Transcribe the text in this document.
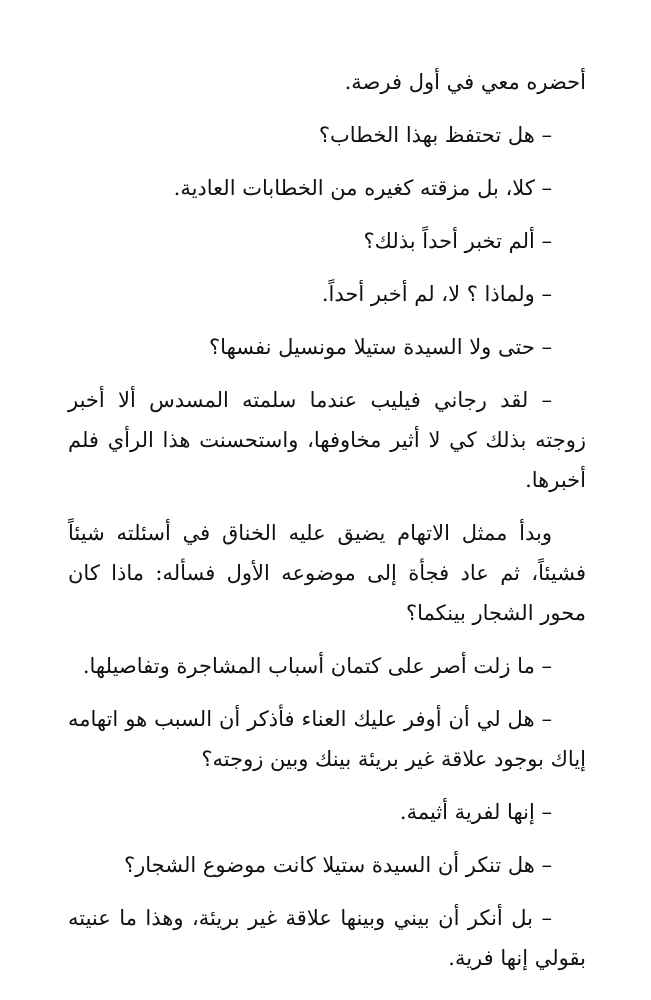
أحضره معي في أول فرصة.

– هل تحتفظ بهذا الخطاب؟

– كلا، بل مزقته كغيره من الخطابات العادية.

– ألم تخبر أحداً بذلك؟

– ولماذا ؟ لا، لم أخبر أحداً.

– حتى ولا السيدة ستيلا مونسيل نفسها؟

– لقد رجاني فيليب عندما سلمته المسدس ألا أخبر زوجته بذلك كي لا أثير مخاوفها، واستحسنت هذا الرأي فلم أخبرها.

وبدأ ممثل الاتهام يضيق عليه الخناق في أسئلته شيئاً فشيئاً، ثم عاد فجأة إلى موضوعه الأول فسأله: ماذا كان محور الشجار بينكما؟

– ما زلت أصر على كتمان أسباب المشاجرة وتفاصيلها.

– هل لي أن أوفر عليك العناء فأذكر أن السبب هو اتهامه إياك بوجود علاقة غير بريئة بينك وبين زوجته؟

– إنها لفرية أثيمة.

– هل تنكر أن السيدة ستيلا كانت موضوع الشجار؟

– بل أنكر أن بيني وبينها علاقة غير بريئة، وهذا ما عنيته بقولي إنها فرية.
